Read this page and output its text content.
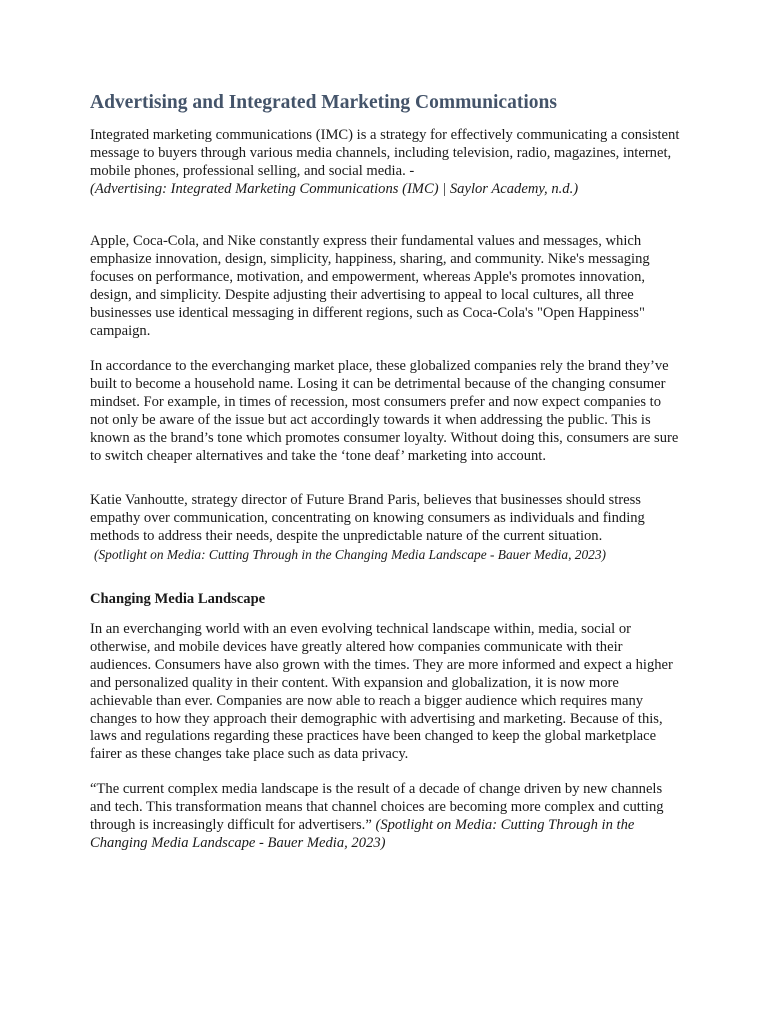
Advertising and Integrated Marketing Communications

Integrated marketing communications (IMC) is a strategy for effectively communicating a consistent message to buyers through various media channels, including television, radio, magazines, internet, mobile phones, professional selling, and social media. -
(Advertising: Integrated Marketing Communications (IMC) | Saylor Academy, n.d.)

Apple, Coca-Cola, and Nike constantly express their fundamental values and messages, which emphasize innovation, design, simplicity, happiness, sharing, and community. Nike's messaging focuses on performance, motivation, and empowerment, whereas Apple's promotes innovation, design, and simplicity. Despite adjusting their advertising to appeal to local cultures, all three businesses use identical messaging in different regions, such as Coca-Cola's "Open Happiness" campaign.

In accordance to the everchanging market place, these globalized companies rely the brand they’ve built to become a household name. Losing it can be detrimental because of the changing consumer mindset. For example, in times of recession, most consumers prefer and now expect companies to not only be aware of the issue but act accordingly towards it when addressing the public. This is known as the brand’s tone which promotes consumer loyalty. Without doing this, consumers are sure to switch cheaper alternatives and take the ‘tone deaf’ marketing into account.

Katie Vanhoutte, strategy director of Future Brand Paris, believes that businesses should stress empathy over communication, concentrating on knowing consumers as individuals and finding methods to address their needs, despite the unpredictable nature of the current situation.
(Spotlight on Media: Cutting Through in the Changing Media Landscape - Bauer Media, 2023)

Changing Media Landscape

In an everchanging world with an even evolving technical landscape within, media, social or otherwise, and mobile devices have greatly altered how companies communicate with their audiences. Consumers have also grown with the times. They are more informed and expect a higher and personalized quality in their content. With expansion and globalization, it is now more achievable than ever. Companies are now able to reach a bigger audience which requires many changes to how they approach their demographic with advertising and marketing. Because of this, laws and regulations regarding these practices have been changed to keep the global marketplace fairer as these changes take place such as data privacy.

“The current complex media landscape is the result of a decade of change driven by new channels and tech. This transformation means that channel choices are becoming more complex and cutting through is increasingly difficult for advertisers.” (Spotlight on Media: Cutting Through in the Changing Media Landscape - Bauer Media, 2023)
